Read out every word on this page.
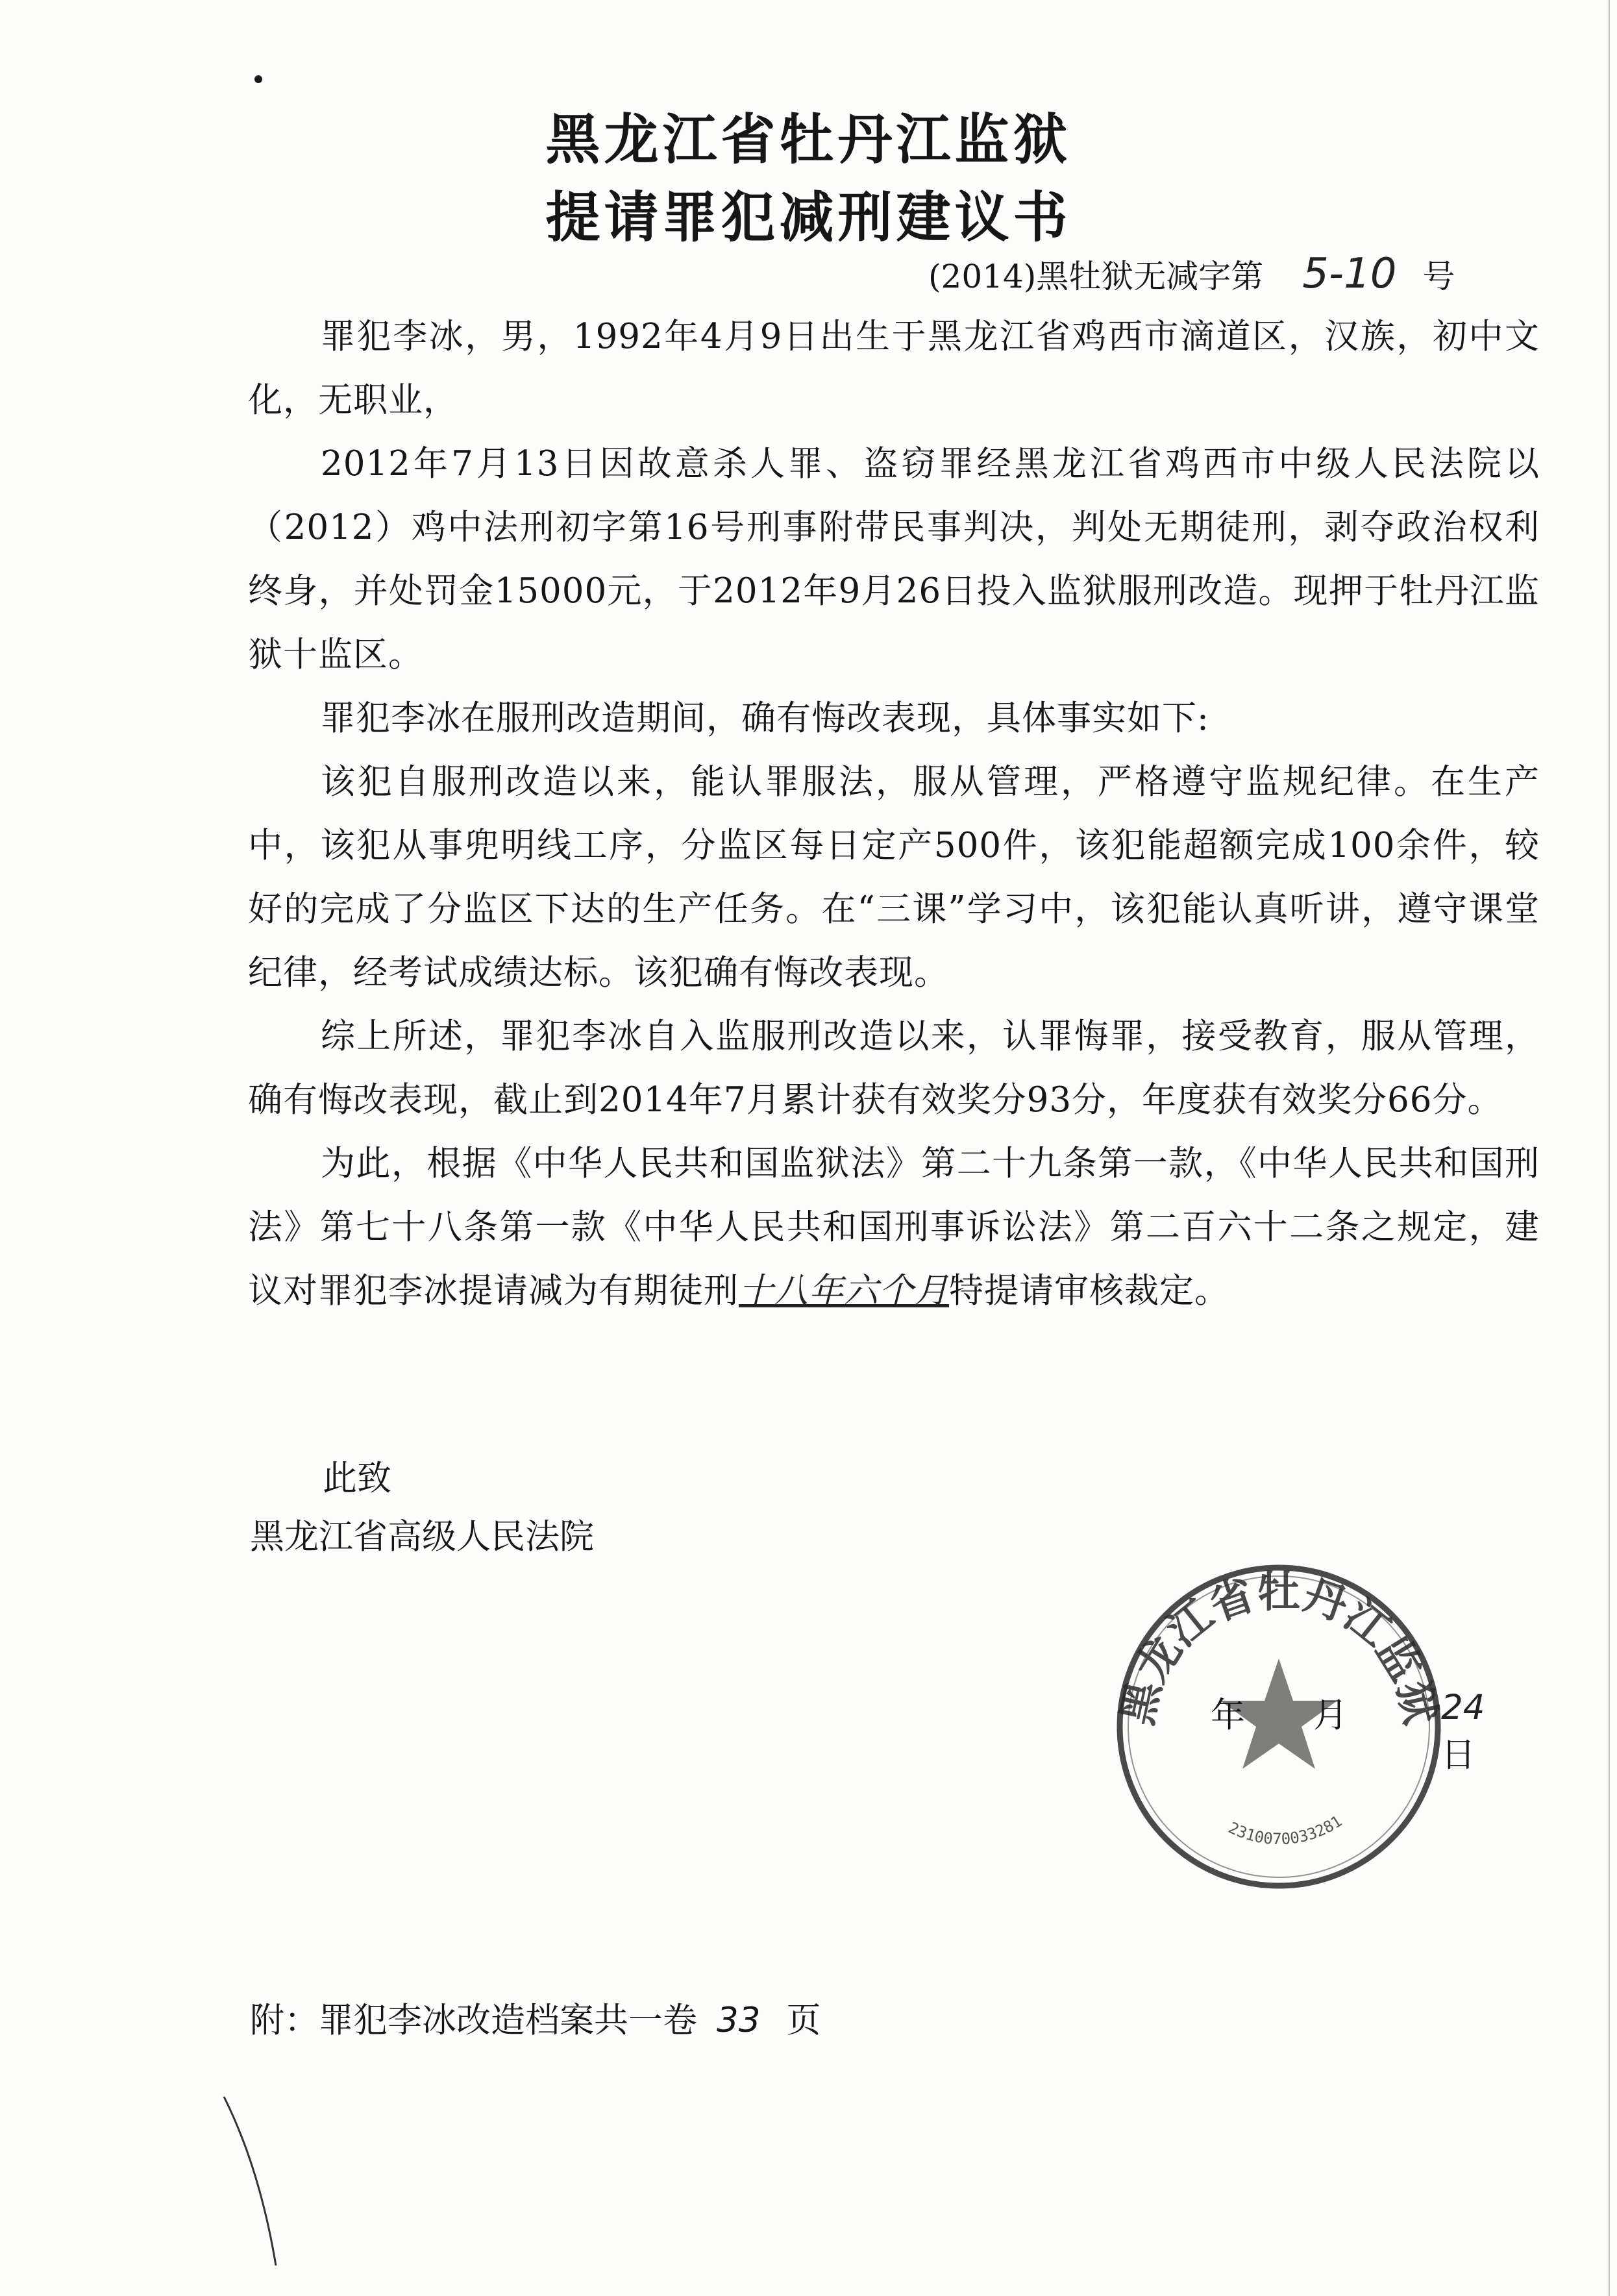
黑龙江省牡丹江监狱
提请罪犯减刑建议书
(2014)黑牡狱无减字第 5-10 号

罪犯李冰，男，1992年4月9日出生于黑龙江省鸡西市滴道区，汉族，初中文化，无职业，

2012年7月13日因故意杀人罪、盗窃罪经黑龙江省鸡西市中级人民法院以（2012）鸡中法刑初字第16号刑事附带民事判决，判处无期徒刑，剥夺政治权利终身，并处罚金15000元，于2012年9月26日投入监狱服刑改造。现押于牡丹江监狱十监区。

罪犯李冰在服刑改造期间，确有悔改表现，具体事实如下:

该犯自服刑改造以来，能认罪服法，服从管理，严格遵守监规纪律。在生产中，该犯从事兜明线工序，分监区每日定产500件，该犯能超额完成100余件，较好的完成了分监区下达的生产任务。在“三课”学习中，该犯能认真听讲，遵守课堂纪律，经考试成绩达标。该犯确有悔改表现。

综上所述，罪犯李冰自入监服刑改造以来，认罪悔罪，接受教育，服从管理，确有悔改表现，截止到2014年7月累计获有效奖分93分，年度获有效奖分66分。

为此，根据《中华人民共和国监狱法》第二十九条第一款，《中华人民共和国刑法》第七十八条第一款《中华人民共和国刑事诉讼法》第二百六十二条之规定，建议对罪犯李冰提请减为有期徒刑十八年六个月特提请审核裁定。

此致
黑龙江省高级人民法院
黑龙江省牡丹江监狱
2310070033281
年 月	24日
附：罪犯李冰改造档案共一卷 33 页
